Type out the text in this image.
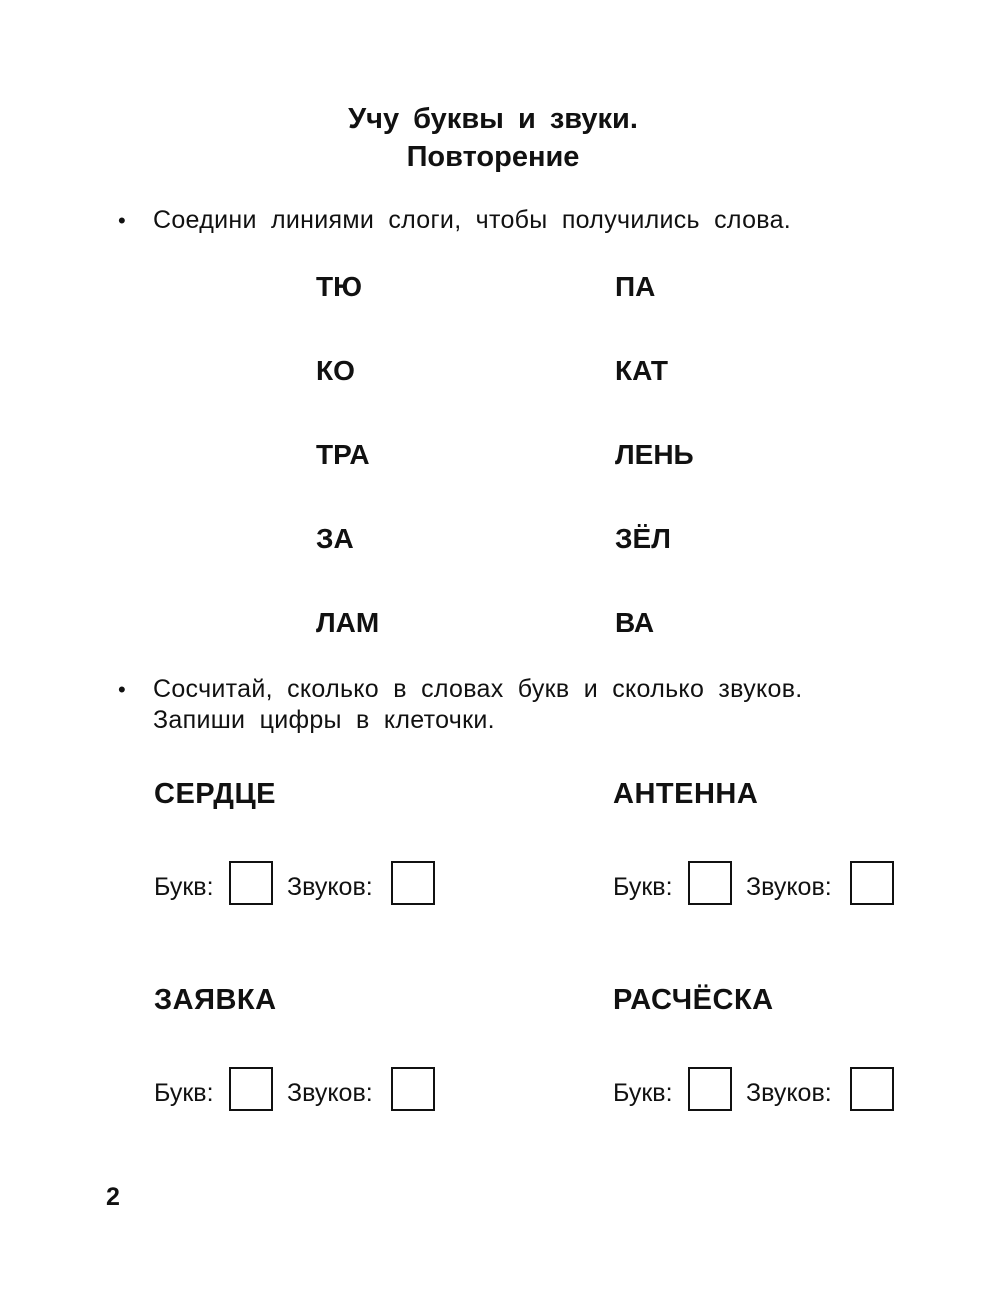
Учу буквы и звуки.
Повторение
• Соедини линиями слоги, чтобы получились слова.
ТЮ
КО
ТРА
ЗА
ЛАМ
ПА
КАТ
ЛЕНЬ
ЗЁЛ
ВА
• Сосчитай, сколько в словах букв и сколько звуков.
Запиши цифры в клеточки.
СЕРДЦЕ	АНТЕННА
ЗАЯВКА	РАСЧЁСКА
Букв:	Звуков:	Букв:	Звуков:
Букв:	Звуков:	Букв:	Звуков:
2
